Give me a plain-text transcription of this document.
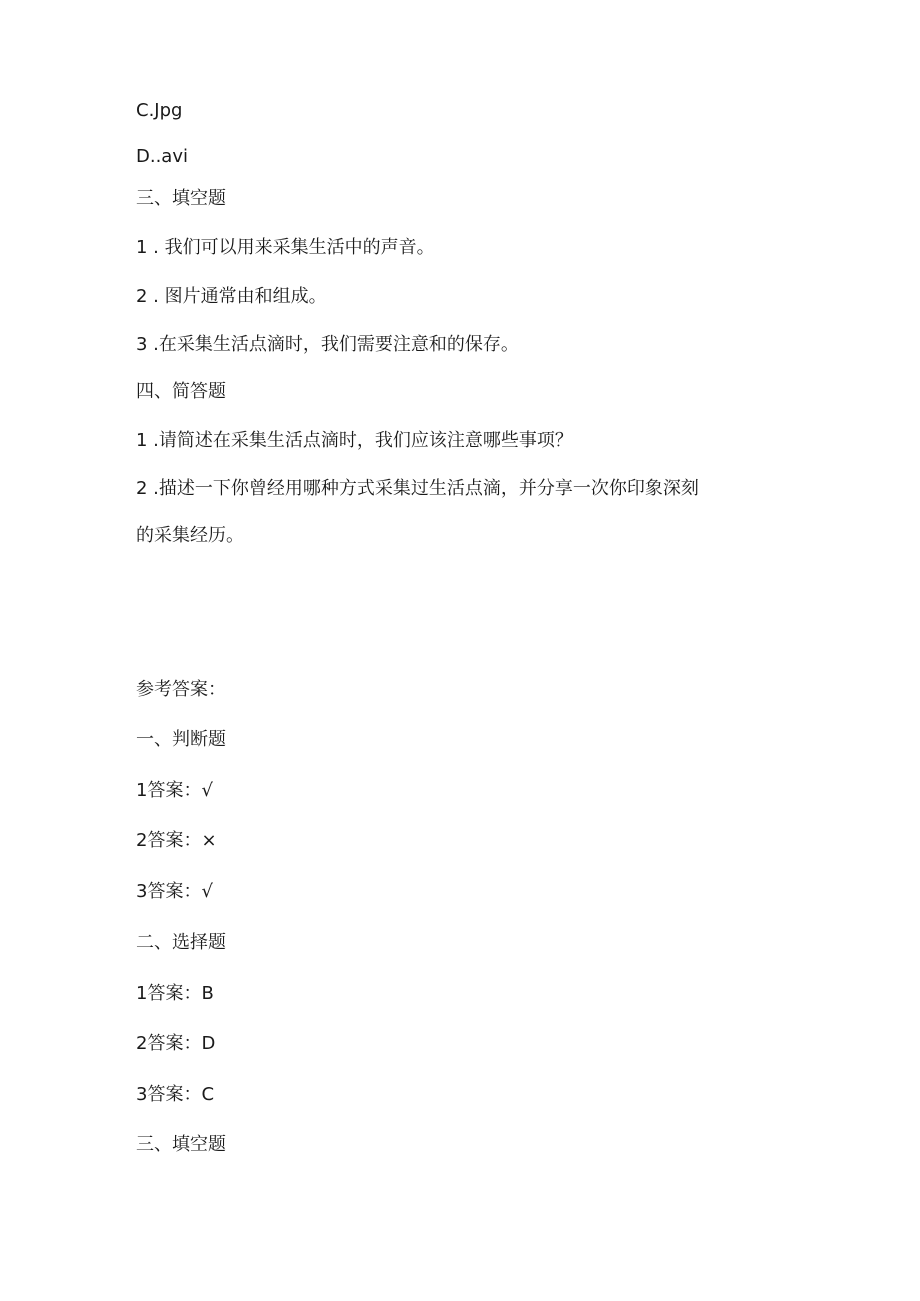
C.Jpg
D..avi
三、填空题
1 . 我们可以用来采集生活中的声音。
2 . 图片通常由和组成。
3 .在采集生活点滴时，我们需要注意和的保存。
四、简答题
1 .请简述在采集生活点滴时，我们应该注意哪些事项？
2 .描述一下你曾经用哪种方式采集过生活点滴，并分享一次你印象深刻
的采集经历。
参考答案：
一、判断题
1答案：√
2答案：×
3答案：√
二、选择题
1答案：B
2答案：D
3答案：C
三、填空题
